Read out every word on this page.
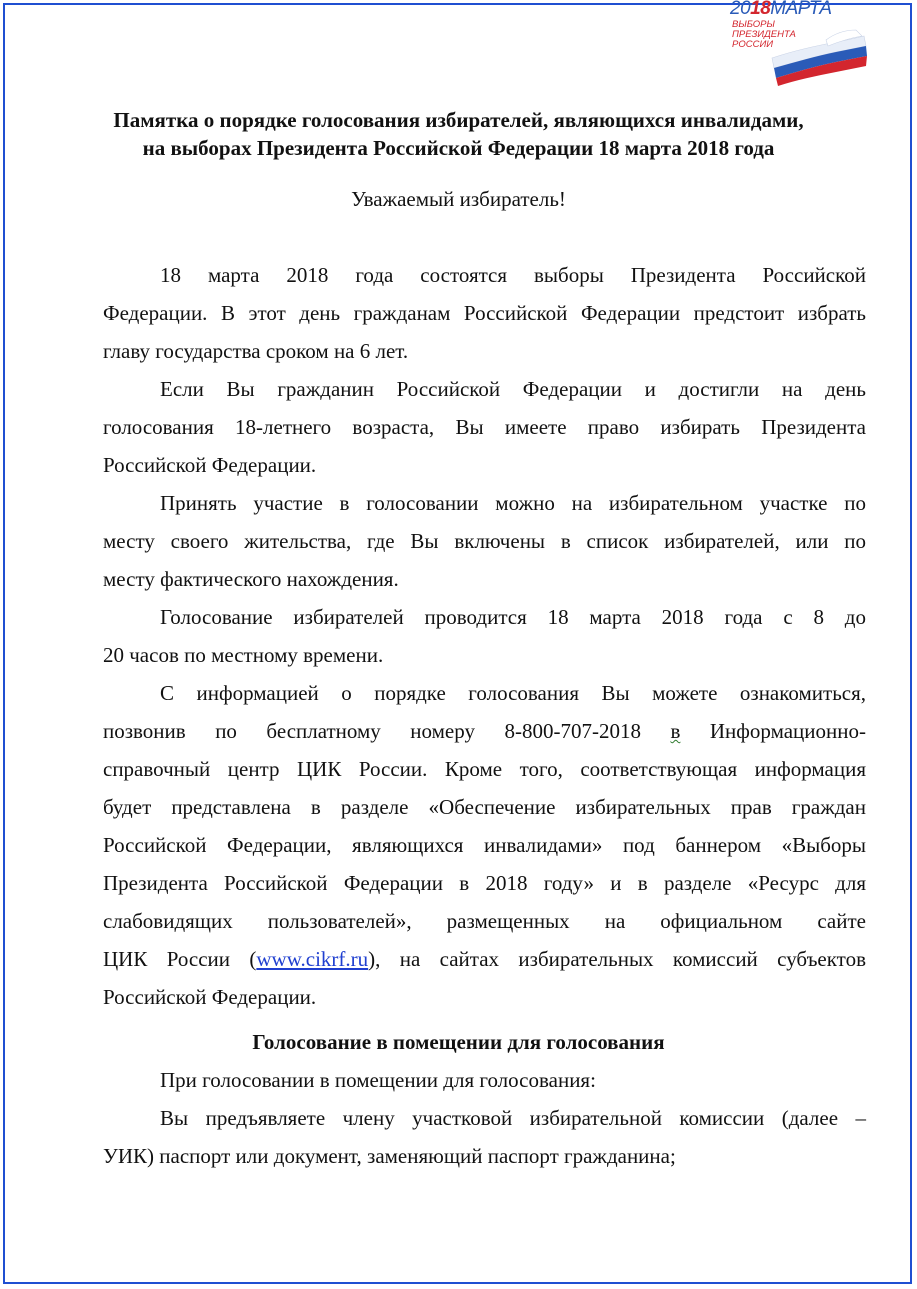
2018МАРТА
ВЫБОРЫ
ПРЕЗИДЕНТА
РОССИИ
Памятка о порядке голосования избирателей, являющихся инвалидами,
на выборах Президента Российской Федерации 18 марта 2018 года
Уважаемый избиратель!
18 марта 2018 года состоятся выборы Президента Российской
Федерации. В этот день гражданам Российской Федерации предстоит избрать
главу государства сроком на 6 лет.
Если Вы гражданин Российской Федерации и достигли на день
голосования 18-летнего возраста, Вы имеете право избирать Президента
Российской Федерации.
Принять участие в голосовании можно на избирательном участке по
месту своего жительства, где Вы включены в список избирателей, или по
месту фактического нахождения.
Голосование избирателей проводится 18 марта 2018 года с 8 до
20 часов по местному времени.
С информацией о порядке голосования Вы можете ознакомиться,
позвонив по бесплатному номеру 8-800-707-2018 в Информационно-
справочный центр ЦИК России. Кроме того, соответствующая информация
будет представлена в разделе «Обеспечение избирательных прав граждан
Российской Федерации, являющихся инвалидами» под баннером «Выборы
Президента Российской Федерации в 2018 году» и в разделе «Ресурс для
слабовидящих пользователей», размещенных на официальном сайте
ЦИК России (www.cikrf.ru), на сайтах избирательных комиссий субъектов
Российской Федерации.
Голосование в помещении для голосования
При голосовании в помещении для голосования:
Вы предъявляете члену участковой избирательной комиссии (далее –
УИК) паспорт или документ, заменяющий паспорт гражданина;
